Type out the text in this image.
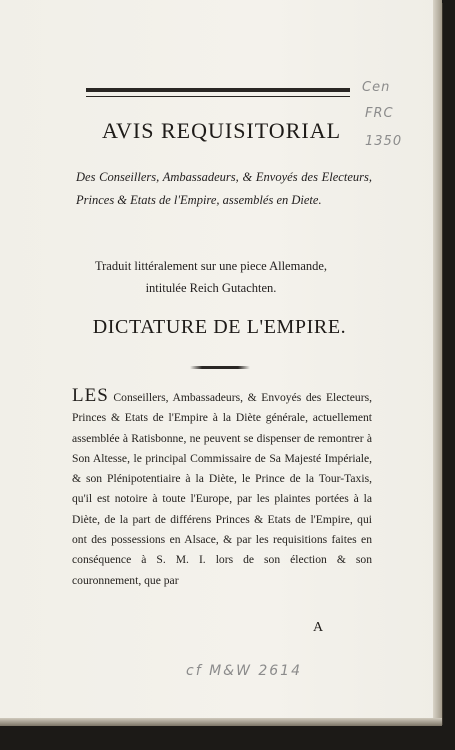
Cen
FRC
1350
AVIS REQUISITORIAL
Des Conseillers, Ambassadeurs, & Envoyés des Electeurs, Princes & Etats de l'Empire, assemblés en Diete.
Traduit littéralement sur une piece Allemande,
intitulée Reich Gutachten.
DICTATURE DE L'EMPIRE.
LES Conseillers, Ambassadeurs, & Envoyés des Electeurs, Princes & Etats de l'Empire à la Diète générale, actuellement assemblée à Ratisbonne, ne peuvent se dispenser de remontrer à Son Altesse, le principal Commissaire de Sa Majesté Impériale, & son Plénipotentiaire à la Diète, le Prince de la Tour-Taxis, qu'il est notoire à toute l'Europe, par les plaintes portées à la Diète, de la part de différens Princes & Etats de l'Empire, qui ont des possessions en Alsace, & par les requisitions faites en conséquence à S. M. I. lors de son élection & son couronnement, que par
A
cf M&W 2614
